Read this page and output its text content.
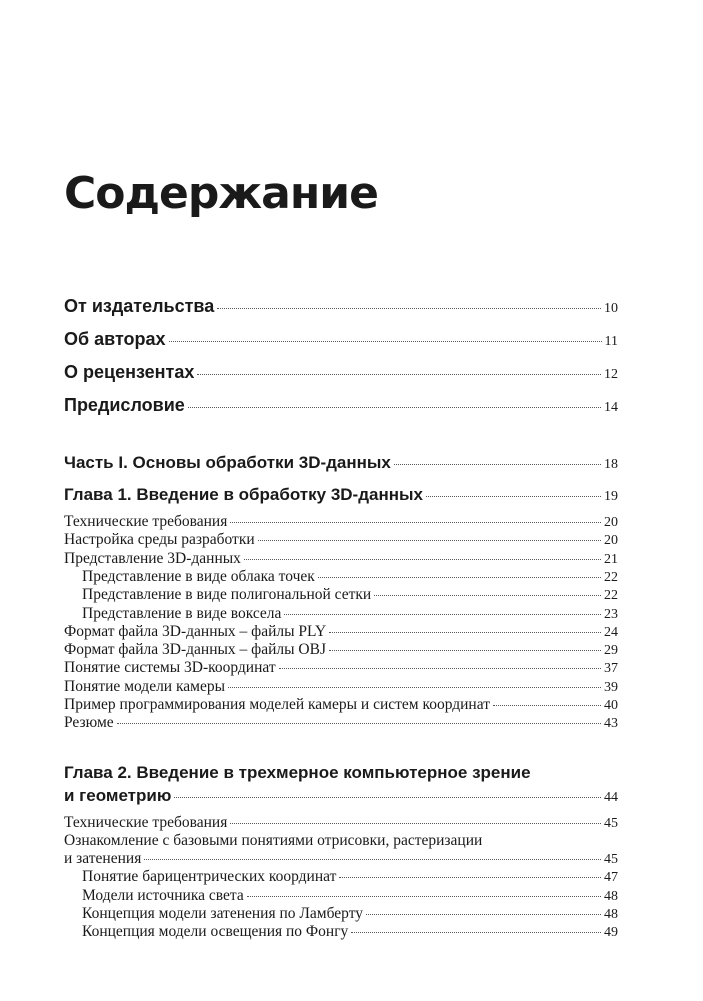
Содержание
От издательства	10
Об авторах	11
О рецензентах	12
Предисловие	14
Часть I. Основы обработки 3D-данных	18
Глава 1. Введение в обработку 3D-данных	19
Технические требования	20
Настройка среды разработки	20
Представление 3D-данных	21
Представление в виде облака точек	22
Представление в виде полигональной сетки	22
Представление в виде воксела	23
Формат файла 3D-данных – файлы PLY	24
Формат файла 3D-данных – файлы OBJ	29
Понятие системы 3D-координат	37
Понятие модели камеры	39
Пример программирования моделей камеры и систем координат	40
Резюме	43
Глава 2. Введение в трехмерное компьютерное зрение
и геометрию	44
Технические требования	45
Ознакомление с базовыми понятиями отрисовки, растеризации
и затенения	45
Понятие барицентрических координат	47
Модели источника света	48
Концепция модели затенения по Ламберту	48
Концепция модели освещения по Фонгу	49
